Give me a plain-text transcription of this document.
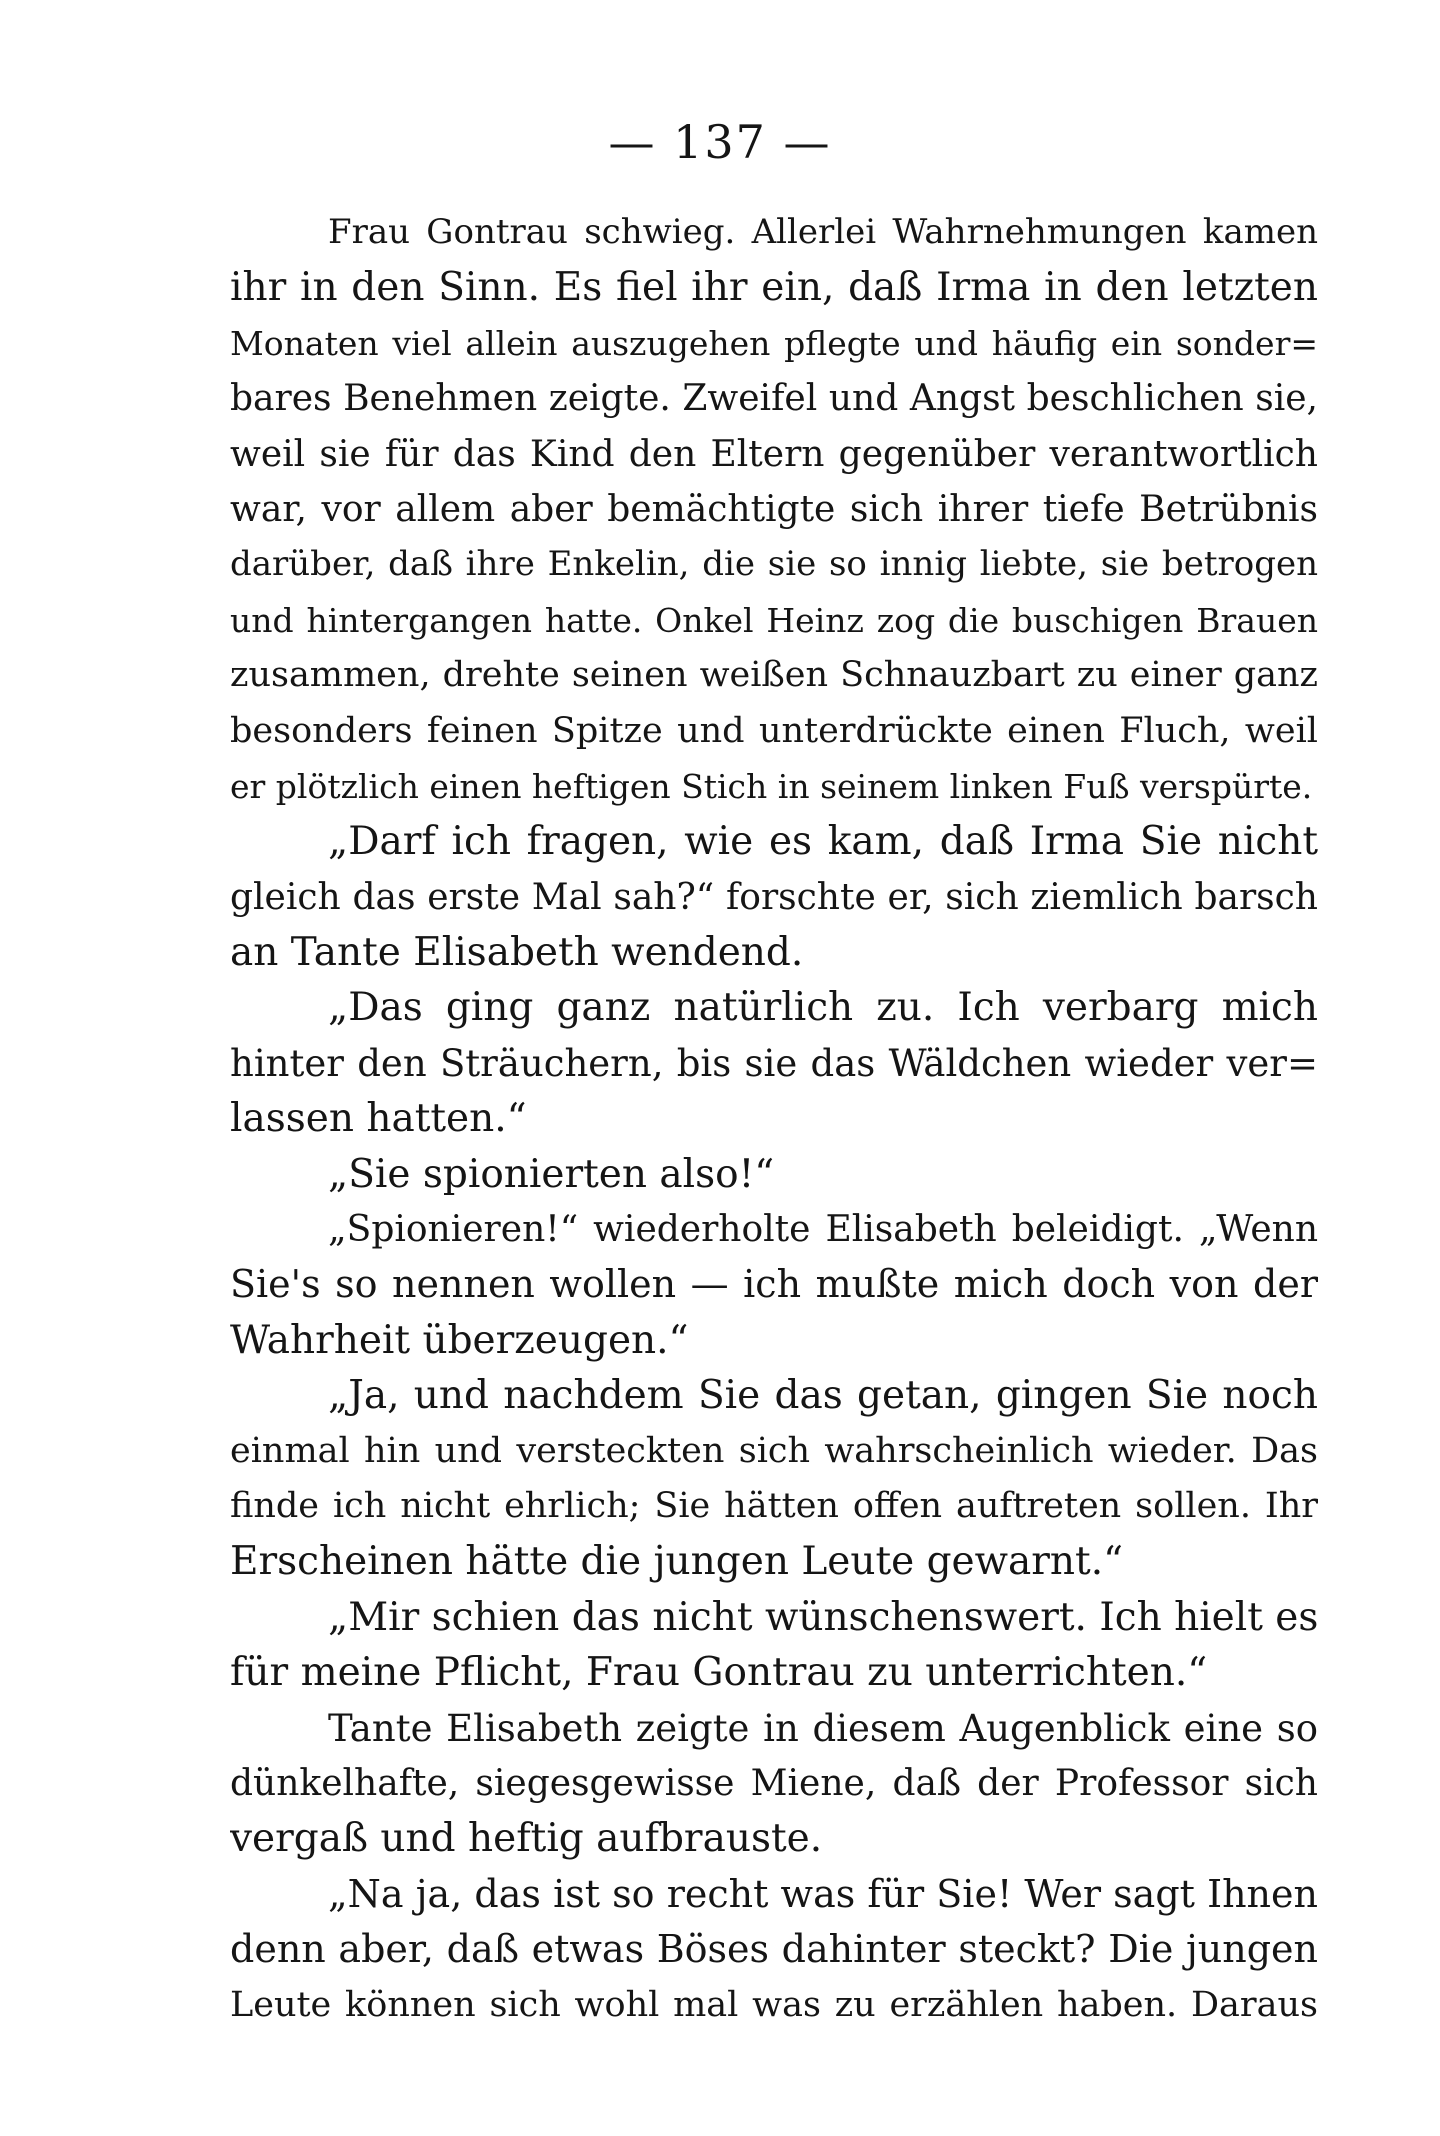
— 137 —
Frau Gontrau schwieg. Allerlei Wahrnehmungen kamen
ihr in den Sinn. Es fiel ihr ein, daß Irma in den letzten
Monaten viel allein auszugehen pflegte und häufig ein sonder=
bares Benehmen zeigte. Zweifel und Angst beschlichen sie,
weil sie für das Kind den Eltern gegenüber verantwortlich
war, vor allem aber bemächtigte sich ihrer tiefe Betrübnis
darüber, daß ihre Enkelin, die sie so innig liebte, sie betrogen
und hintergangen hatte. Onkel Heinz zog die buschigen Brauen
zusammen, drehte seinen weißen Schnauzbart zu einer ganz
besonders feinen Spitze und unterdrückte einen Fluch, weil
er plötzlich einen heftigen Stich in seinem linken Fuß verspürte.
„Darf ich fragen, wie es kam, daß Irma Sie nicht
gleich das erste Mal sah?“ forschte er, sich ziemlich barsch
an Tante Elisabeth wendend.
„Das ging ganz natürlich zu. Ich verbarg mich
hinter den Sträuchern, bis sie das Wäldchen wieder ver=
lassen hatten.“
„Sie spionierten also!“
„Spionieren!“ wiederholte Elisabeth beleidigt. „Wenn
Sie's so nennen wollen — ich mußte mich doch von der
Wahrheit überzeugen.“
„Ja, und nachdem Sie das getan, gingen Sie noch
einmal hin und versteckten sich wahrscheinlich wieder. Das
finde ich nicht ehrlich; Sie hätten offen auftreten sollen. Ihr
Erscheinen hätte die jungen Leute gewarnt.“
„Mir schien das nicht wünschenswert. Ich hielt es
für meine Pflicht, Frau Gontrau zu unterrichten.“
Tante Elisabeth zeigte in diesem Augenblick eine so
dünkelhafte, siegesgewisse Miene, daß der Professor sich
vergaß und heftig aufbrauste.
„Na ja, das ist so recht was für Sie! Wer sagt Ihnen
denn aber, daß etwas Böses dahinter steckt? Die jungen
Leute können sich wohl mal was zu erzählen haben. Daraus
